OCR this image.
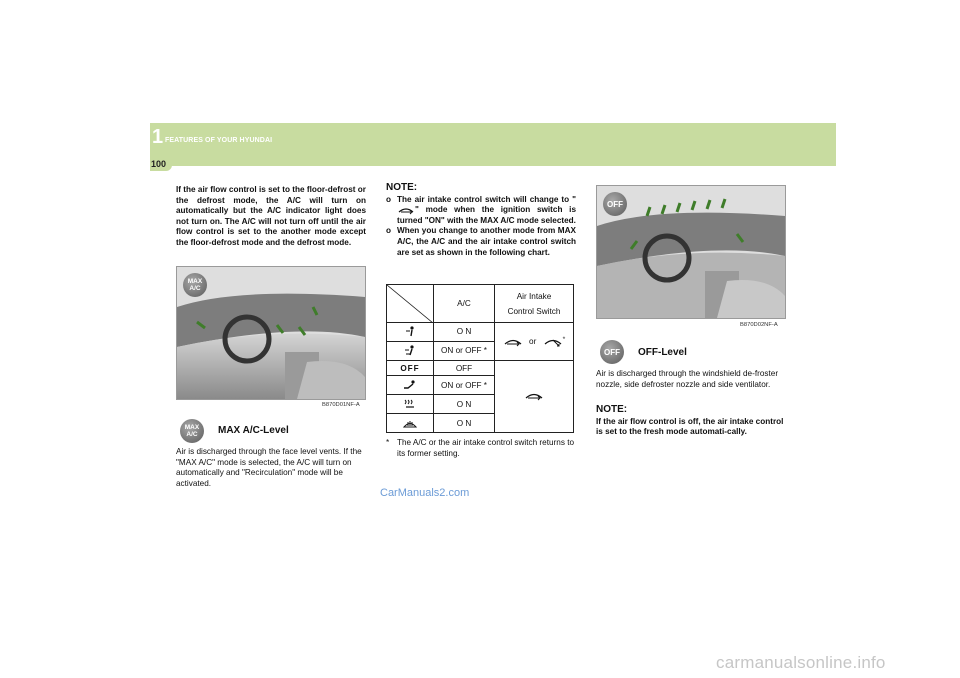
1 FEATURES OF YOUR HYUNDAI
100
If the air flow control is set to the floor-defrost or the defrost mode, the A/C will turn on automatically but the A/C indicator light does not turn on. The A/C will not turn off until the air flow control is set to the another mode except the floor-defrost mode and the defrost mode.
MAX A/C
B870D01NF-A
MAX A/C	MAX A/C-Level
Air is discharged through the face level vents. If the "MAX A/C" mode is selected, the A/C will turn on automatically and "Recirculation" mode will be activated.
NOTE:
o The air intake control switch will change to "" mode when the ignition switch is turned "ON" with the MAX A/C mode selected.
o When you change to another mode from MAX A/C, the A/C and the air intake control switch are set as shown in the following chart.
	A/C	Air Intake
Control Switch

	O N	or *
	ON or OFF *	
OFF	OFF	
	ON or OFF *	
	O N	
	O N	
* The A/C or the air intake control switch returns to its former setting.
OFF
B870D02NF-A
OFF OFF-Level
Air is discharged through the windshield de-froster nozzle, side defroster nozzle and side ventilator.
NOTE:
If the air flow control is off, the air intake control is set to the fresh mode automati-cally.
CarManuals2.com
carmanualsonline.info
